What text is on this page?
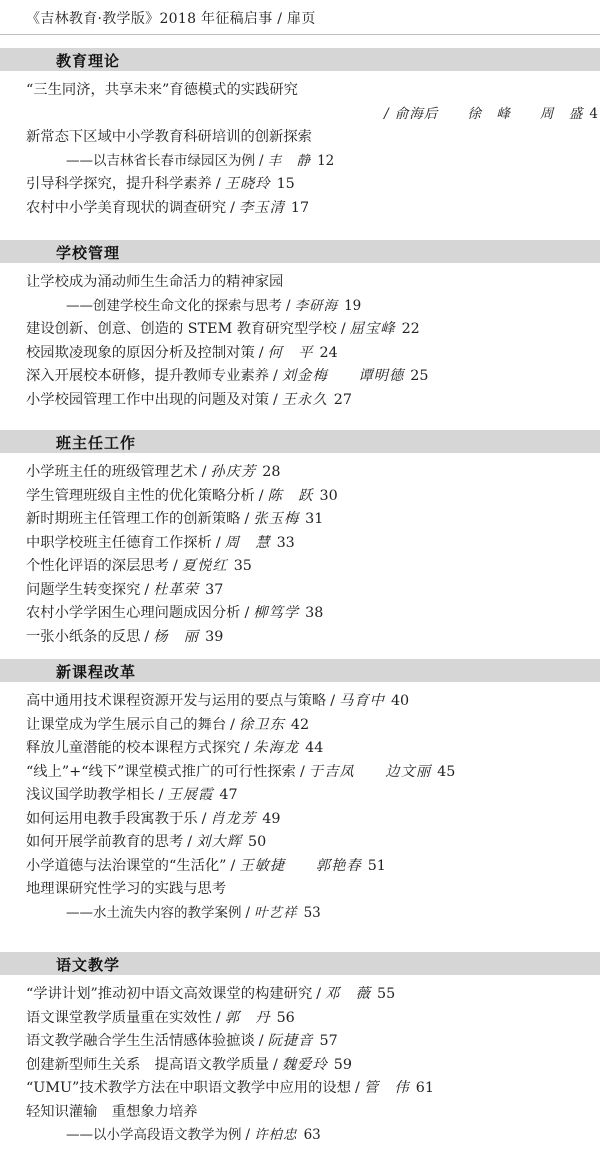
《吉林教育·教学版》2018 年征稿启事 / 扉页
教育理论
“三生同济，共享未来”育德模式的实践研究
/ 俞海后　　徐　峰　　周　盛 4
新常态下区域中小学教育科研培训的创新探索
——以吉林省长春市绿园区为例 / 丰　静 12
引导科学探究，提升科学素养 / 王晓玲 15
农村中小学美育现状的调查研究 / 李玉清 17
学校管理
让学校成为涌动师生生命活力的精神家园
——创建学校生命文化的探索与思考 / 李研海 19
建设创新、创意、创造的 STEM 教育研究型学校 / 屈宝峰 22
校园欺凌现象的原因分析及控制对策 / 何　平 24
深入开展校本研修，提升教师专业素养 / 刘金梅　　谭明德 25
小学校园管理工作中出现的问题及对策 / 王永久 27
班主任工作
小学班主任的班级管理艺术 / 孙庆芳 28
学生管理班级自主性的优化策略分析 / 陈　跃 30
新时期班主任管理工作的创新策略 / 张玉梅 31
中职学校班主任德育工作探析 / 周　慧 33
个性化评语的深层思考 / 夏悦红 35
问题学生转变探究 / 杜革荣 37
农村小学学困生心理问题成因分析 / 柳笃学 38
一张小纸条的反思 / 杨　丽 39
新课程改革
高中通用技术课程资源开发与运用的要点与策略 / 马育中 40
让课堂成为学生展示自己的舞台 / 徐卫东 42
释放儿童潜能的校本课程方式探究 / 朱海龙 44
“线上”+“线下”课堂模式推广的可行性探索 / 于吉凤　　边文丽 45
浅议国学助教学相长 / 王展霞 47
如何运用电教手段寓教于乐 / 肖龙芳 49
如何开展学前教育的思考 / 刘大辉 50
小学道德与法治课堂的“生活化” / 王敏捷　　郭艳春 51
地理课研究性学习的实践与思考
——水土流失内容的教学案例 / 叶艺祥 53
语文教学
“学讲计划”推动初中语文高效课堂的构建研究 / 邓　薇 55
语文课堂教学质量重在实效性 / 郭　丹 56
语文教学融合学生生活情感体验摭谈 / 阮捷音 57
创建新型师生关系　提高语文教学质量 / 魏爱玲 59
“UMU”技术教学方法在中职语文教学中应用的设想 / 管　伟 61
轻知识灌输　重想象力培养
——以小学高段语文教学为例 / 许柏忠 63
